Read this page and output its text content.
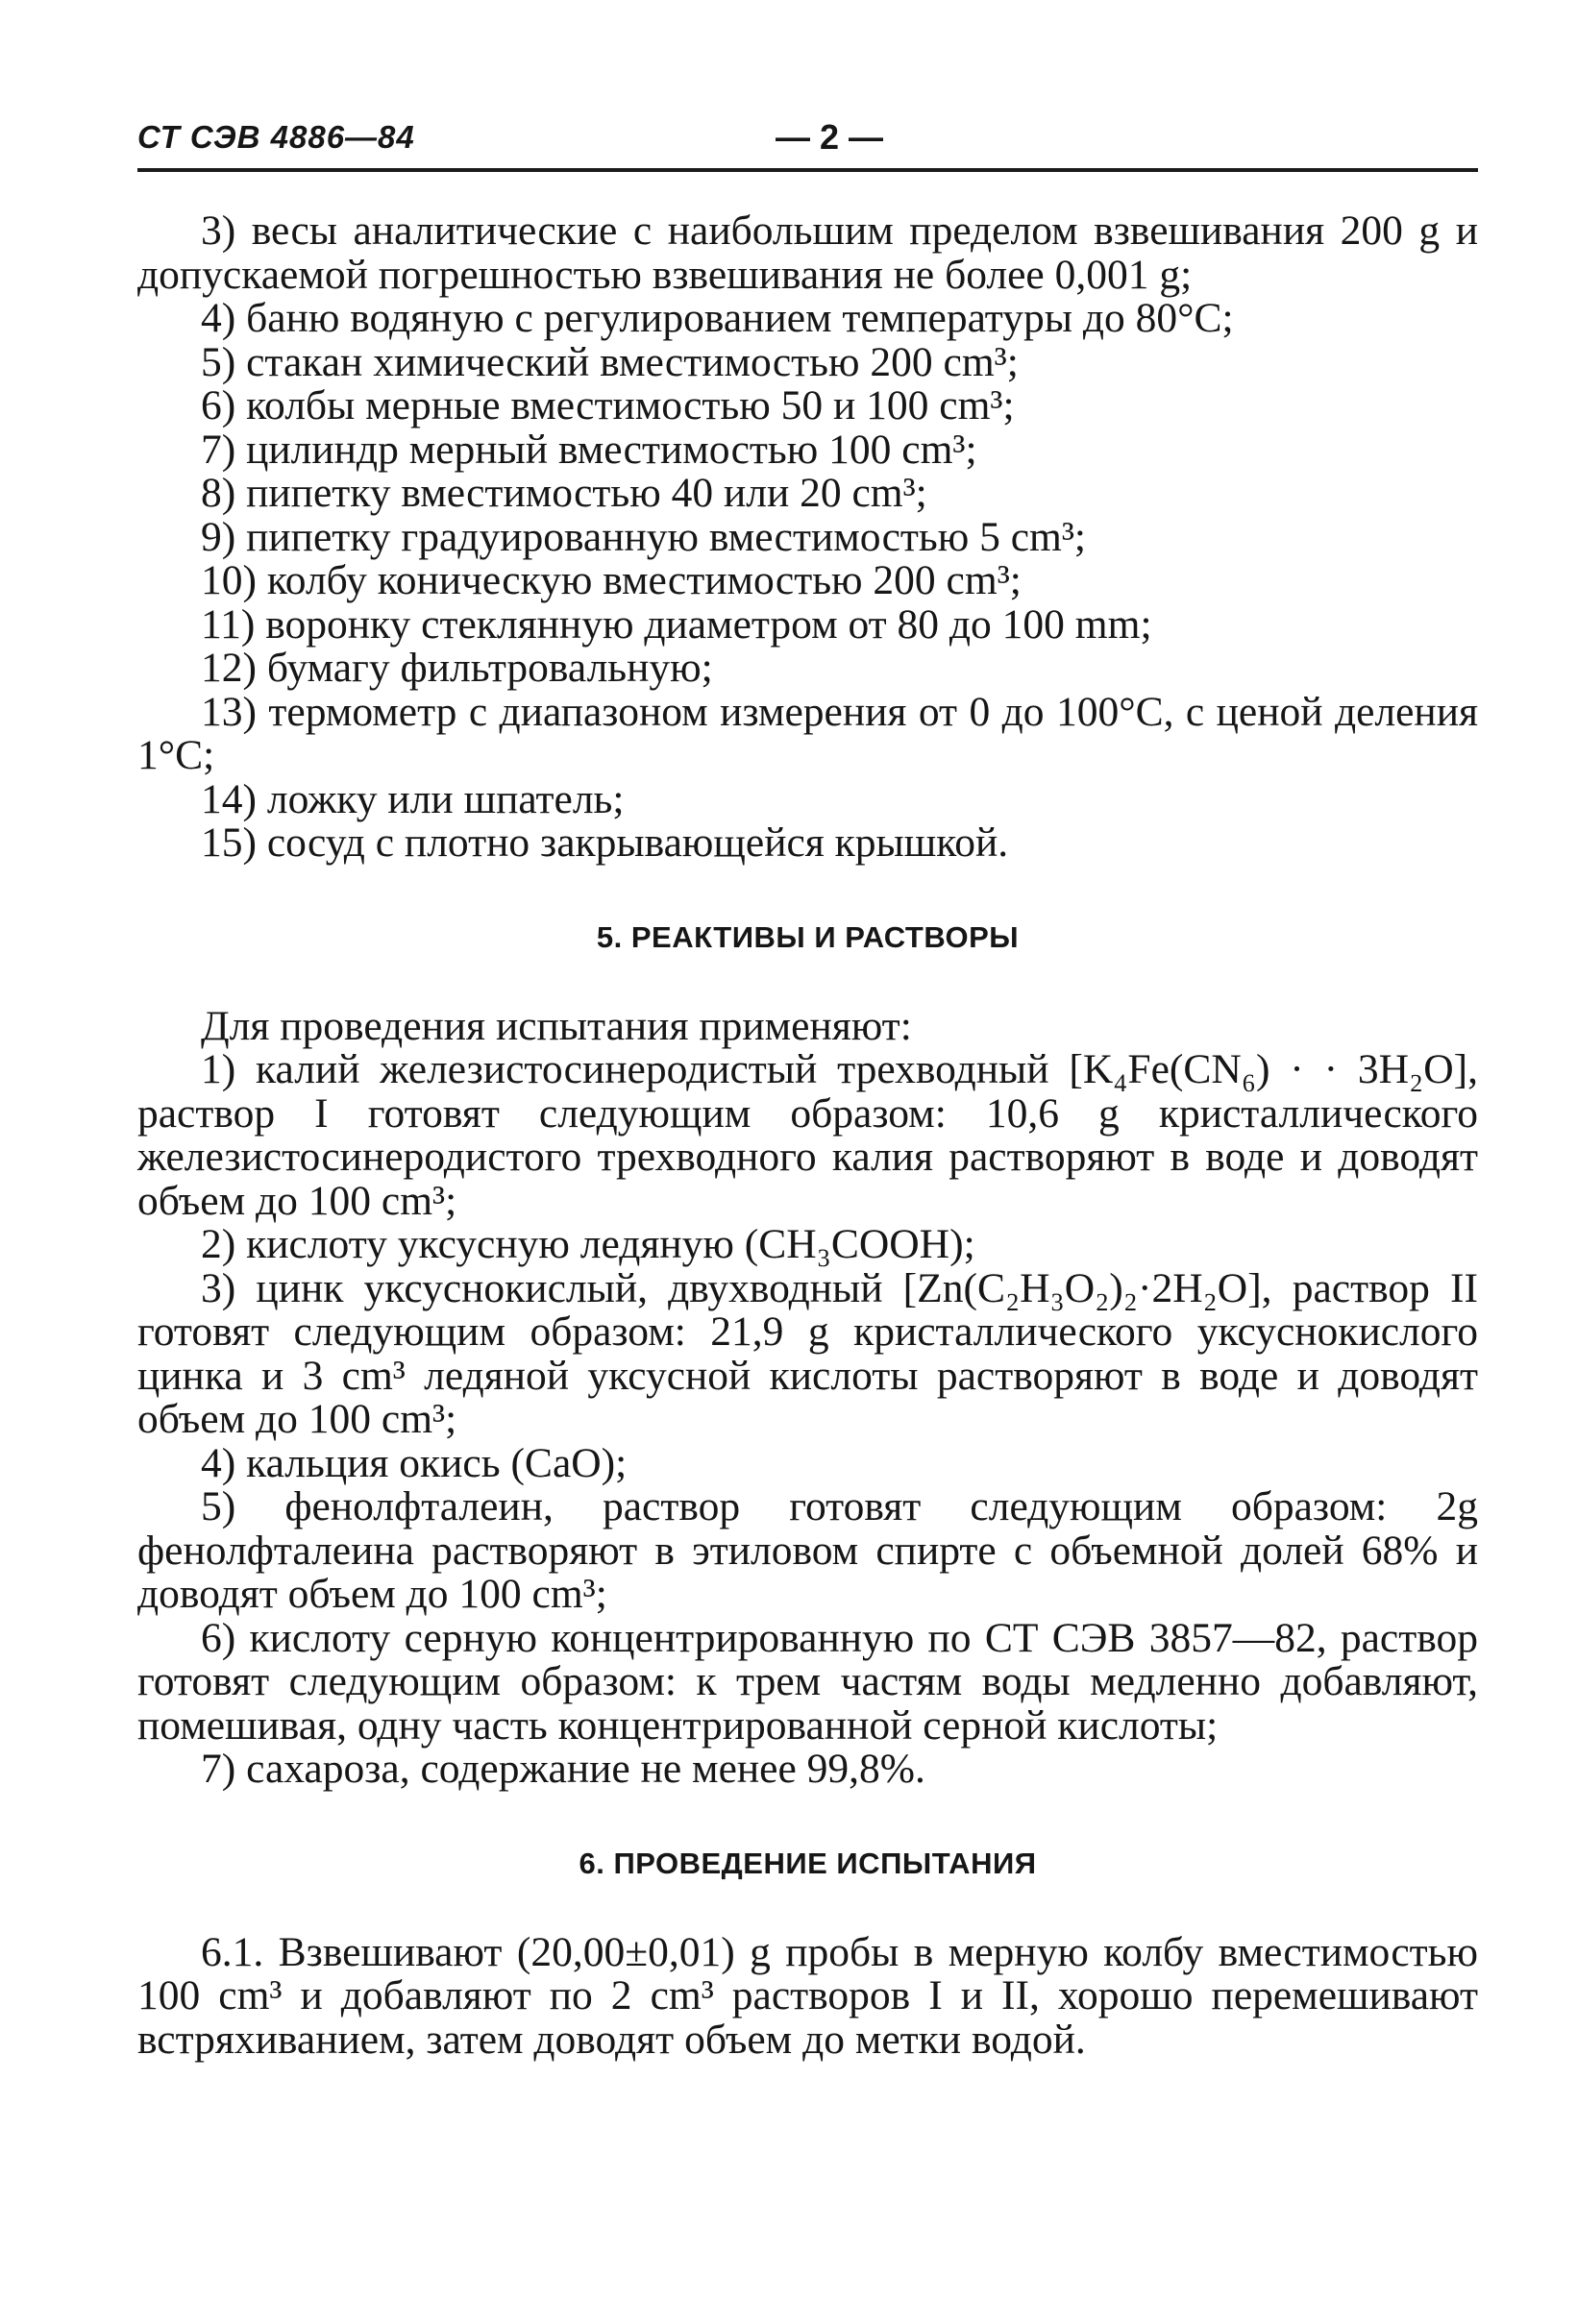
СТ СЭВ 4886—84	— 2 —

3) весы аналитические с наибольшим пределом взвешивания 200 g и допускаемой погрешностью взвешивания не более 0,001 g;

4) баню водяную с регулированием температуры до 80°C;

5) стакан химический вместимостью 200 cm³;

6) колбы мерные вместимостью 50 и 100 cm³;

7) цилиндр мерный вместимостью 100 cm³;

8) пипетку вместимостью 40 или 20 cm³;

9) пипетку градуированную вместимостью 5 cm³;

10) колбу коническую вместимостью 200 cm³;

11) воронку стеклянную диаметром от 80 до 100 mm;

12) бумагу фильтровальную;

13) термометр с диапазоном измерения от 0 до 100°C, с ценой деления 1°C;

14) ложку или шпатель;

15) сосуд с плотно закрывающейся крышкой.

5. РЕАКТИВЫ И РАСТВОРЫ

Для проведения испытания применяют:

1) калий железистосинеродистый трехводный [K₄Fe(CN₆) · · 3H₂O], раствор I готовят следующим образом: 10,6 g кристаллического железистосинеродистого трехводного калия растворяют в воде и доводят объем до 100 cm³;

2) кислоту уксусную ледяную (CH₃COOH);

3) цинк уксуснокислый, двухводный [Zn(C₂H₃O₂)₂·2H₂O], раствор II готовят следующим образом: 21,9 g кристаллического уксуснокислого цинка и 3 cm³ ледяной уксусной кислоты растворяют в воде и доводят объем до 100 cm³;

4) кальция окись (CaO);

5) фенолфталеин, раствор готовят следующим образом: 2g фенолфталеина растворяют в этиловом спирте с объемной долей 68% и доводят объем до 100 cm³;

6) кислоту серную концентрированную по СТ СЭВ 3857—82, раствор готовят следующим образом: к трем частям воды медленно добавляют, помешивая, одну часть концентрированной серной кислоты;

7) сахароза, содержание не менее 99,8%.

6. ПРОВЕДЕНИЕ ИСПЫТАНИЯ

6.1. Взвешивают (20,00±0,01) g пробы в мерную колбу вместимостью 100 cm³ и добавляют по 2 cm³ растворов I и II, хорошо перемешивают встряхиванием, затем доводят объем до метки водой.
